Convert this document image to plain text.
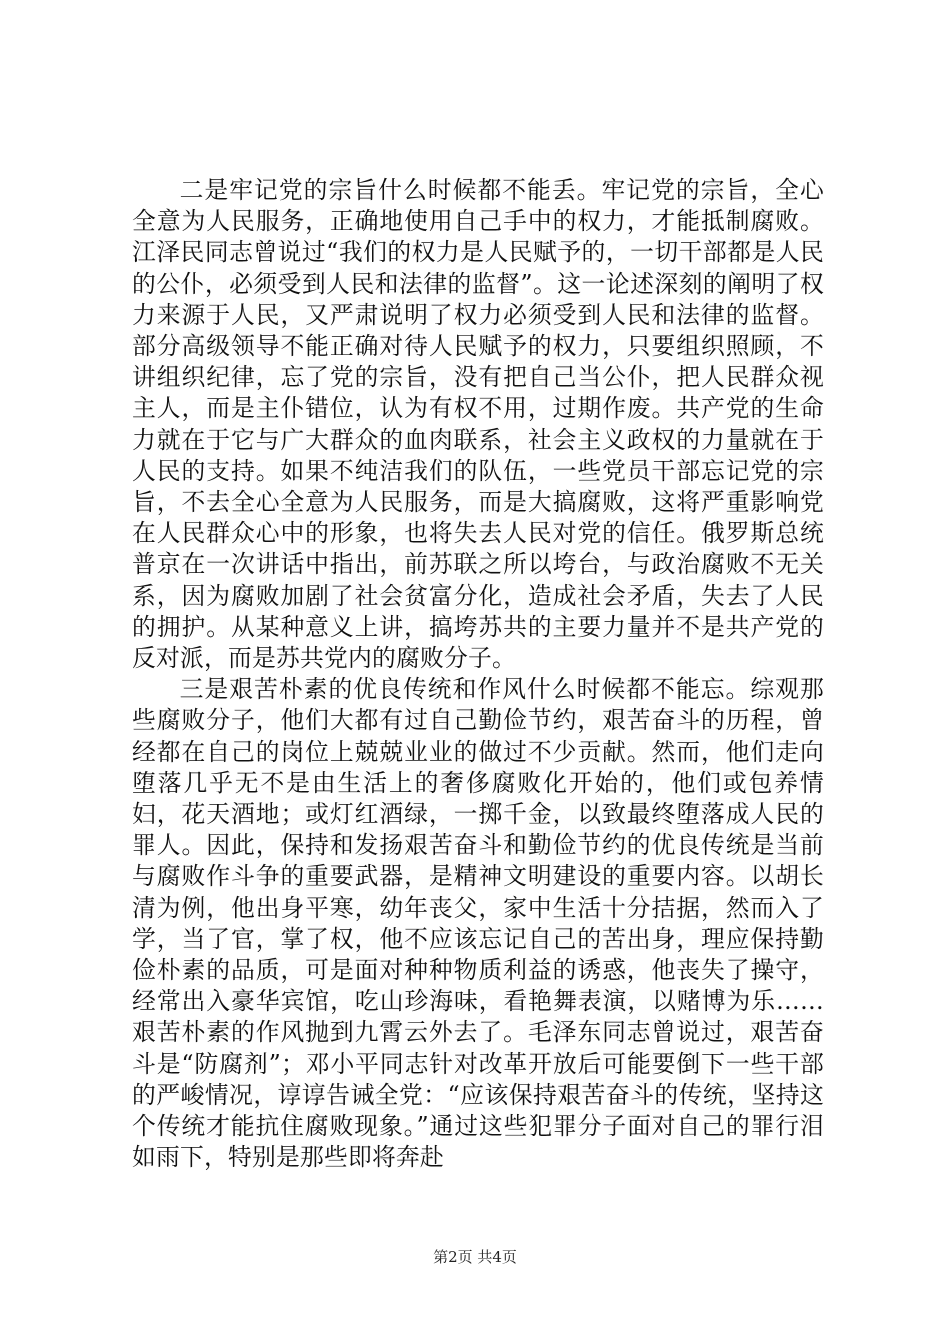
二是牢记党的宗旨什么时候都不能丢。牢记党的宗旨，全心全意为人民服务，正确地使用自己手中的权力，才能抵制腐败。江泽民同志曾说过“我们的权力是人民赋予的，一切干部都是人民的公仆，必须受到人民和法律的监督”。这一论述深刻的阐明了权力来源于人民，又严肃说明了权力必须受到人民和法律的监督。部分高级领导不能正确对待人民赋予的权力，只要组织照顾，不讲组织纪律，忘了党的宗旨，没有把自己当公仆，把人民群众视主人，而是主仆错位，认为有权不用，过期作废。共产党的生命力就在于它与广大群众的血肉联系，社会主义政权的力量就在于人民的支持。如果不纯洁我们的队伍，一些党员干部忘记党的宗旨，不去全心全意为人民服务，而是大搞腐败，这将严重影响党在人民群众心中的形象，也将失去人民对党的信任。俄罗斯总统普京在一次讲话中指出，前苏联之所以垮台，与政治腐败不无关系，因为腐败加剧了社会贫富分化，造成社会矛盾，失去了人民的拥护。从某种意义上讲，搞垮苏共的主要力量并不是共产党的反对派，而是苏共党内的腐败分子。

三是艰苦朴素的优良传统和作风什么时候都不能忘。综观那些腐败分子，他们大都有过自己勤俭节约，艰苦奋斗的历程，曾经都在自己的岗位上兢兢业业的做过不少贡献。然而，他们走向堕落几乎无不是由生活上的奢侈腐败化开始的，他们或包养情妇，花天酒地；或灯红酒绿，一掷千金，以致最终堕落成人民的罪人。因此，保持和发扬艰苦奋斗和勤俭节约的优良传统是当前与腐败作斗争的重要武器，是精神文明建设的重要内容。以胡长清为例，他出身平寒，幼年丧父，家中生活十分拮据，然而入了学，当了官，掌了权，他不应该忘记自己的苦出身，理应保持勤俭朴素的品质，可是面对种种物质利益的诱惑，他丧失了操守，经常出入豪华宾馆，吃山珍海味，看艳舞表演，以赌博为乐……艰苦朴素的作风抛到九霄云外去了。毛泽东同志曾说过，艰苦奋斗是“防腐剂”；邓小平同志针对改革开放后可能要倒下一些干部的严峻情况，谆谆告诫全党：“应该保持艰苦奋斗的传统，坚持这个传统才能抗住腐败现象。”通过这些犯罪分子面对自己的罪行泪如雨下，特别是那些即将奔赴

第2页 共4页
